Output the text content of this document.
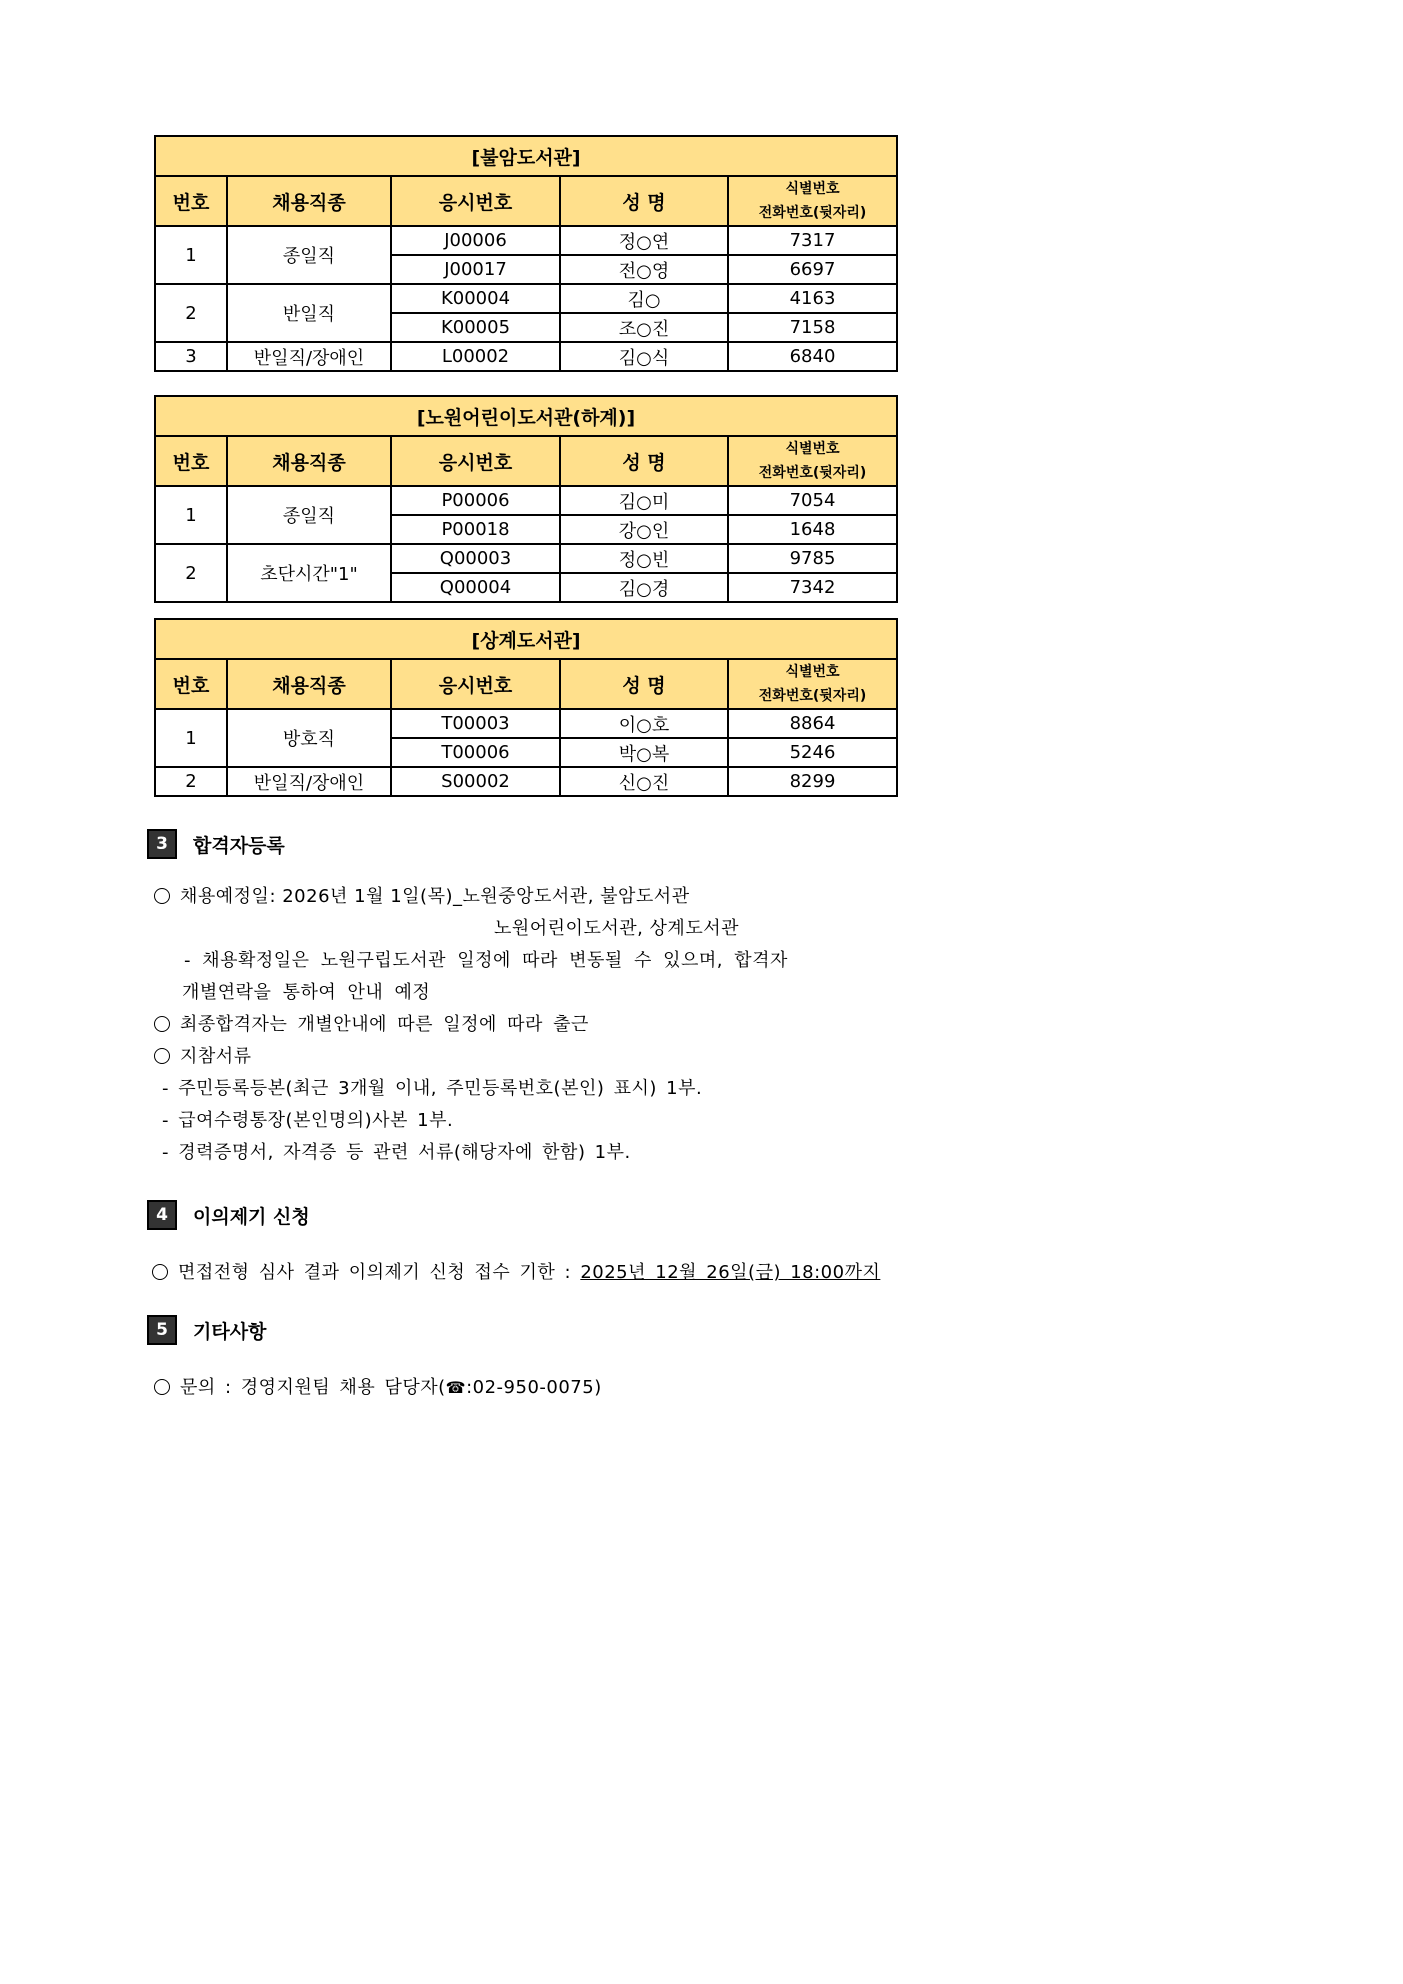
[불암도서관]				
번호	채용직종	응시번호	성 명	식별번호
전화번호(뒷자리)
1	종일직	J00006	정○연	7317
		J00017	전○영	6697
2	반일직	K00004	김○	4163
		K00005	조○진	7158
3	반일직/장애인	L00002	김○식	6840
[노원어린이도서관(하계)]				
번호	채용직종	응시번호	성 명	식별번호
전화번호(뒷자리)
1	종일직	P00006	김○미	7054
		P00018	강○인	1648
2	초단시간"1"	Q00003	정○빈	9785
		Q00004	김○경	7342
[상계도서관]				
번호	채용직종	응시번호	성 명	식별번호
전화번호(뒷자리)
1	방호직	T00003	이○호	8864
		T00006	박○복	5246
2	반일직/장애인	S00002	신○진	8299
3	합격자등록
채용예정일: 2026년 1월 1일(목)_노원중앙도서관, 불암도서관
노원어린이도서관, 상계도서관
- 채용확정일은 노원구립도서관 일정에 따라 변동될 수 있으며, 합격자
개별연락을 통하여 안내 예정
최종합격자는 개별안내에 따른 일정에 따라 출근
지참서류
- 주민등록등본(최근 3개월 이내, 주민등록번호(본인) 표시) 1부.
- 급여수령통장(본인명의)사본 1부.
- 경력증명서, 자격증 등 관련 서류(해당자에 한함) 1부.
4	이의제기 신청
면접전형 심사 결과 이의제기 신청 접수 기한 : 2025년 12월 26일(금) 18:00까지
5	기타사항
문의 : 경영지원팀 채용 담당자(☎:02-950-0075)
